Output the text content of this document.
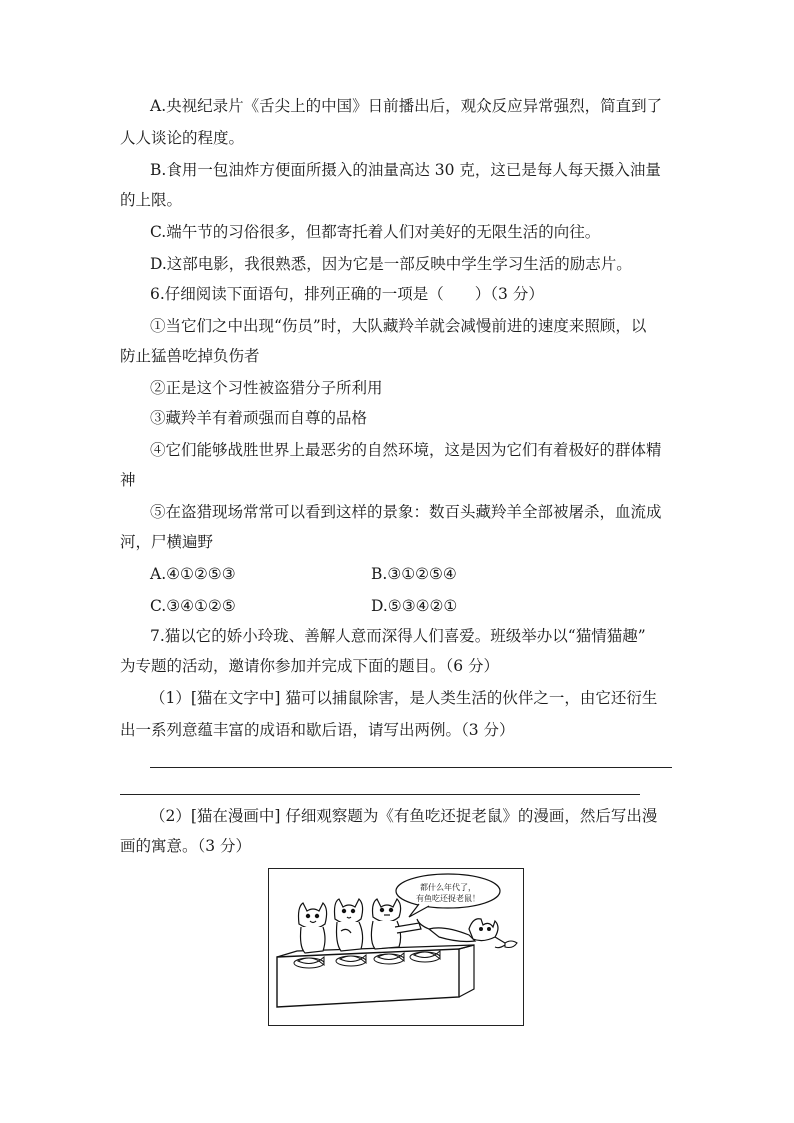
A.央视纪录片《舌尖上的中国》日前播出后，观众反应异常强烈，简直到了
人人谈论的程度。
B.食用一包油炸方便面所摄入的油量高达 30 克，这已是每人每天摄入油量
的上限。
C.端午节的习俗很多，但都寄托着人们对美好的无限生活的向往。
D.这部电影，我很熟悉，因为它是一部反映中学生学习生活的励志片。
6.仔细阅读下面语句，排列正确的一项是（　　）（3 分）
①当它们之中出现“伤员”时，大队藏羚羊就会减慢前进的速度来照顾，以
防止猛兽吃掉负伤者
②正是这个习性被盗猎分子所利用
③藏羚羊有着顽强而自尊的品格
④它们能够战胜世界上最恶劣的自然环境，这是因为它们有着极好的群体精
神
⑤在盗猎现场常常可以看到这样的景象：数百头藏羚羊全部被屠杀，血流成
河，尸横遍野
A.④①②⑤③	B.③①②⑤④
C.③④①②⑤	D.⑤③④②①
7.猫以它的娇小玲珑、善解人意而深得人们喜爱。班级举办以“猫情猫趣”
为专题的活动，邀请你参加并完成下面的题目。（6 分）
（1）[猫在文字中] 猫可以捕鼠除害，是人类生活的伙伴之一，由它还衍生
出一系列意蕴丰富的成语和歇后语，请写出两例。（3 分）
（2）[猫在漫画中] 仔细观察题为《有鱼吃还捉老鼠》的漫画，然后写出漫
画的寓意。（3 分）
都什么年代了，
有鱼吃还捉老鼠！
